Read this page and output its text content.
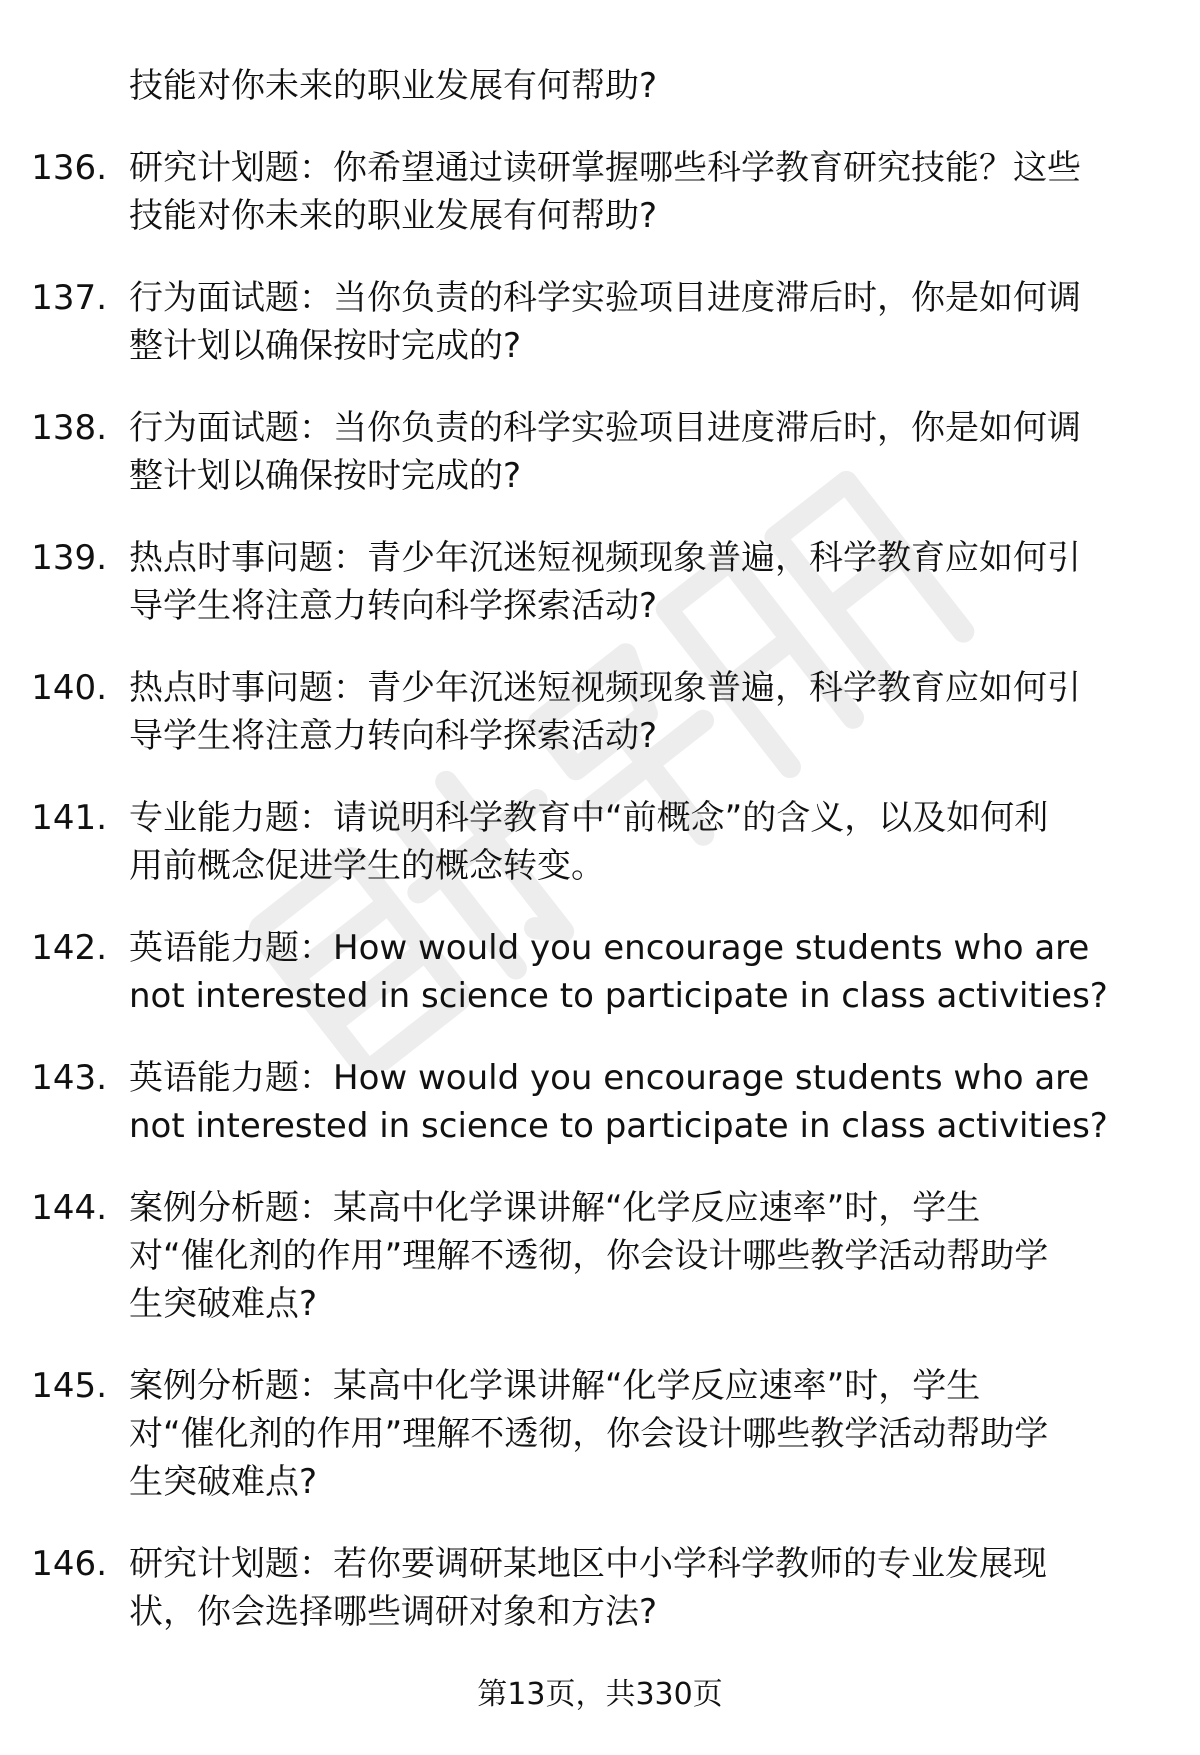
技能对你未来的职业发展有何帮助?
136. 研究计划题：你希望通过读研掌握哪些科学教育研究技能？这些
技能对你未来的职业发展有何帮助?
137. 行为面试题：当你负责的科学实验项目进度滞后时，你是如何调
整计划以确保按时完成的?
138. 行为面试题：当你负责的科学实验项目进度滞后时，你是如何调
整计划以确保按时完成的?
139. 热点时事问题：青少年沉迷短视频现象普遍，科学教育应如何引
导学生将注意力转向科学探索活动?
140. 热点时事问题：青少年沉迷短视频现象普遍，科学教育应如何引
导学生将注意力转向科学探索活动?
141. 专业能力题：请说明科学教育中“前概念”的含义，以及如何利
用前概念促进学生的概念转变。
142. 英语能力题：How would you encourage students who are
not interested in science to participate in class activities?
143. 英语能力题：How would you encourage students who are
not interested in science to participate in class activities?
144. 案例分析题：某高中化学课讲解“化学反应速率”时，学生
对“催化剂的作用”理解不透彻，你会设计哪些教学活动帮助学
生突破难点?
145. 案例分析题：某高中化学课讲解“化学反应速率”时，学生
对“催化剂的作用”理解不透彻，你会设计哪些教学活动帮助学
生突破难点?
146. 研究计划题：若你要调研某地区中小学科学教师的专业发展现
状，你会选择哪些调研对象和方法?
第13页，共330页
